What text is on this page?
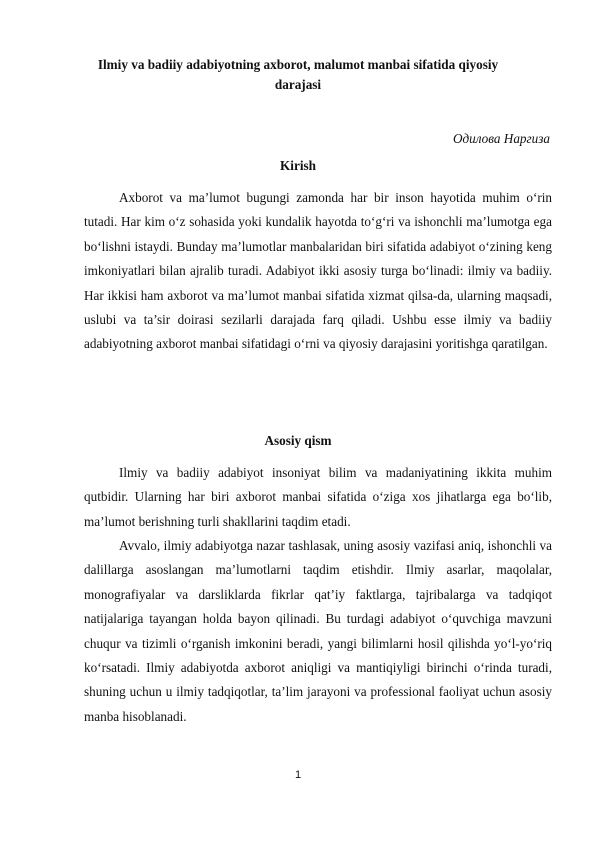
Ilmiy va badiiy adabiyotning axborot, malumot manbai sifatida qiyosiy darajasi
Одилова Наргиза
Kirish

Axborot va ma’lumot bugungi zamonda har bir inson hayotida muhim o‘rin tutadi. Har kim o‘z sohasida yoki kundalik hayotda to‘g‘ri va ishonchli ma’lumotga ega bo‘lishni istaydi. Bunday ma’lumotlar manbalaridan biri sifatida adabiyot o‘zining keng imkoniyatlari bilan ajralib turadi. Adabiyot ikki asosiy turga bo‘linadi: ilmiy va badiiy. Har ikkisi ham axborot va ma’lumot manbai sifatida xizmat qilsa-da, ularning maqsadi, uslubi va ta’sir doirasi sezilarli darajada farq qiladi. Ushbu esse ilmiy va badiiy adabiyotning axborot manbai sifatidagi o‘rni va qiyosiy darajasini yoritishga qaratilgan.

Asosiy qism

Ilmiy va badiiy adabiyot insoniyat bilim va madaniyatining ikkita muhim qutbidir. Ularning har biri axborot manbai sifatida o‘ziga xos jihatlarga ega bo‘lib, ma’lumot berishning turli shakllarini taqdim etadi.

Avvalo, ilmiy adabiyotga nazar tashlasak, uning asosiy vazifasi aniq, ishonchli va dalillarga asoslangan ma’lumotlarni taqdim etishdir. Ilmiy asarlar, maqolalar, monografiyalar va darsliklarda fikrlar qat’iy faktlarga, tajribalarga va tadqiqot natijalariga tayangan holda bayon qilinadi. Bu turdagi adabiyot o‘quvchiga mavzuni chuqur va tizimli o‘rganish imkonini beradi, yangi bilimlarni hosil qilishda yo‘l-yo‘riq ko‘rsatadi. Ilmiy adabiyotda axborot aniqligi va mantiqiyligi birinchi o‘rinda turadi, shuning uchun u ilmiy tadqiqotlar, ta’lim jarayoni va professional faoliyat uchun asosiy manba hisoblanadi.

1
